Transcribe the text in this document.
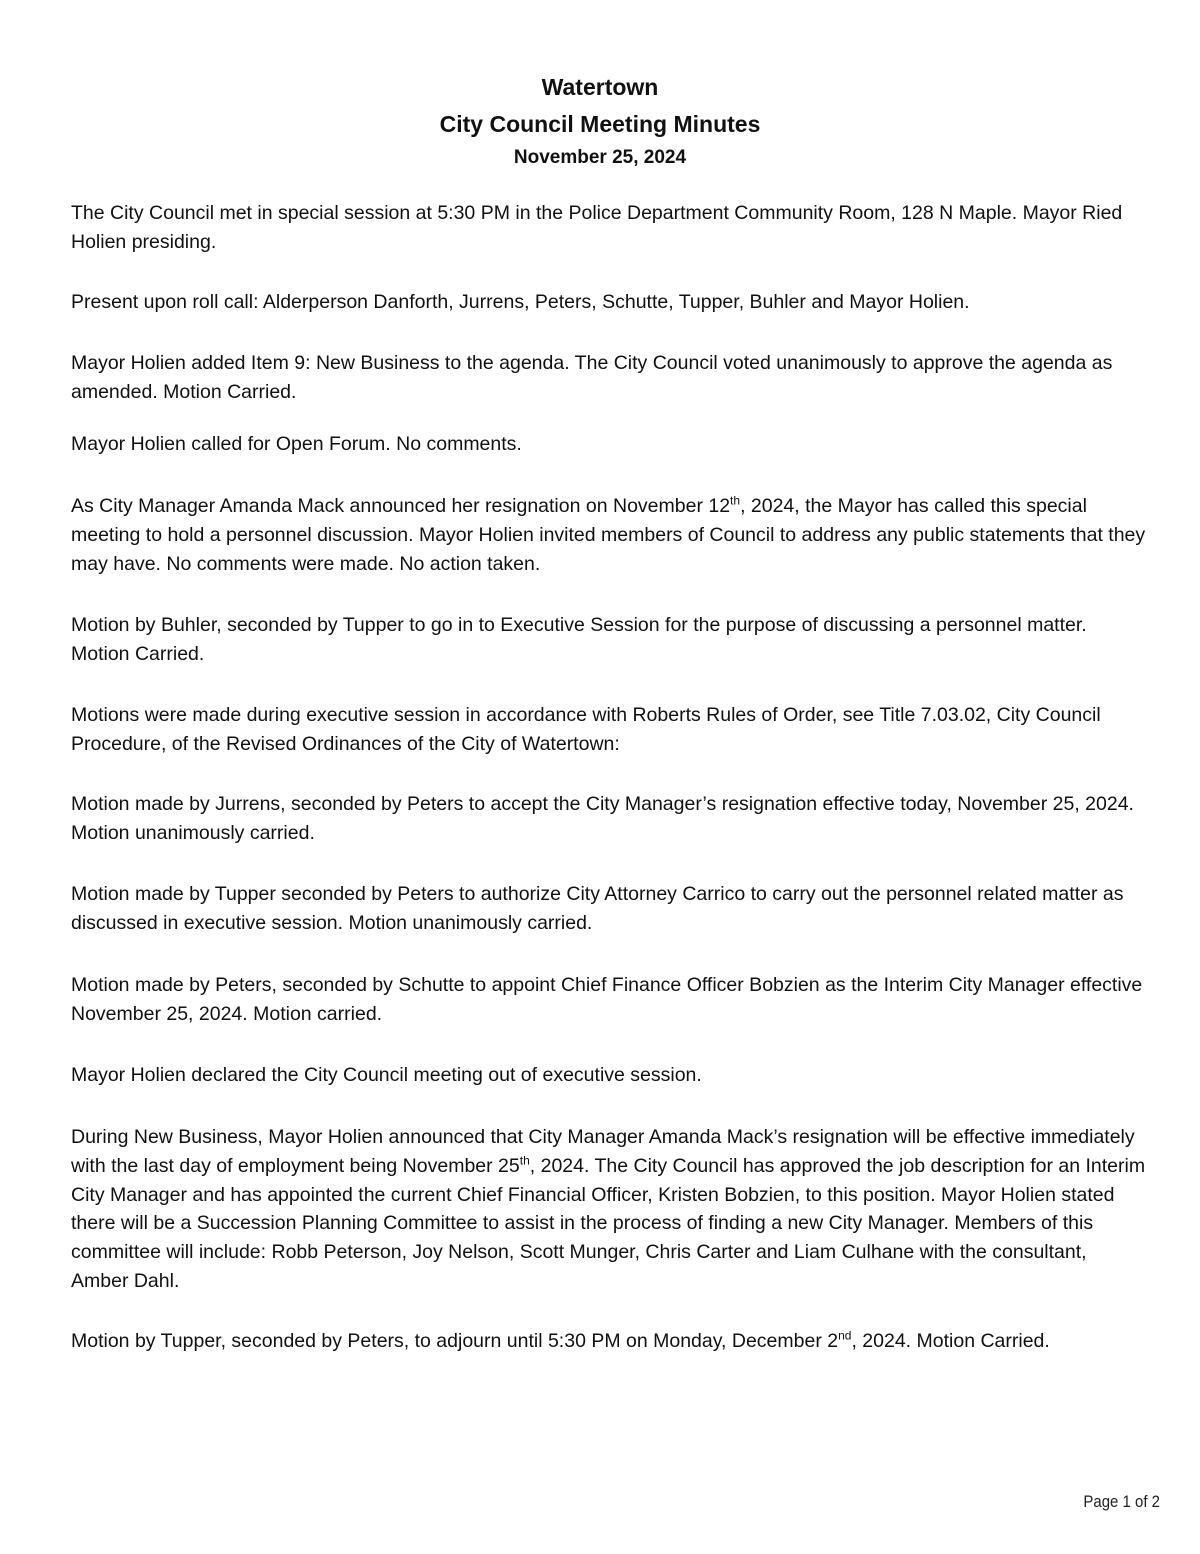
Watertown
City Council Meeting Minutes
November 25, 2024

The City Council met in special session at 5:30 PM in the Police Department Community Room, 128 N Maple. Mayor Ried Holien presiding.

Present upon roll call: Alderperson Danforth, Jurrens, Peters, Schutte, Tupper, Buhler and Mayor Holien.

Mayor Holien added Item 9: New Business to the agenda. The City Council voted unanimously to approve the agenda as amended. Motion Carried.

Mayor Holien called for Open Forum. No comments.

As City Manager Amanda Mack announced her resignation on November 12th, 2024, the Mayor has called this special meeting to hold a personnel discussion. Mayor Holien invited members of Council to address any public statements that they may have. No comments were made. No action taken.

Motion by Buhler, seconded by Tupper to go in to Executive Session for the purpose of discussing a personnel matter. Motion Carried.

Motions were made during executive session in accordance with Roberts Rules of Order, see Title 7.03.02, City Council Procedure, of the Revised Ordinances of the City of Watertown:

Motion made by Jurrens, seconded by Peters to accept the City Manager’s resignation effective today, November 25, 2024. Motion unanimously carried.

Motion made by Tupper seconded by Peters to authorize City Attorney Carrico to carry out the personnel related matter as discussed in executive session. Motion unanimously carried.

Motion made by Peters, seconded by Schutte to appoint Chief Finance Officer Bobzien as the Interim City Manager effective November 25, 2024. Motion carried.

Mayor Holien declared the City Council meeting out of executive session.

During New Business, Mayor Holien announced that City Manager Amanda Mack’s resignation will be effective immediately with the last day of employment being November 25th, 2024. The City Council has approved the job description for an Interim City Manager and has appointed the current Chief Financial Officer, Kristen Bobzien, to this position. Mayor Holien stated there will be a Succession Planning Committee to assist in the process of finding a new City Manager. Members of this committee will include: Robb Peterson, Joy Nelson, Scott Munger, Chris Carter and Liam Culhane with the consultant, Amber Dahl.

Motion by Tupper, seconded by Peters, to adjourn until 5:30 PM on Monday, December 2nd, 2024. Motion Carried.

Page 1 of 2
